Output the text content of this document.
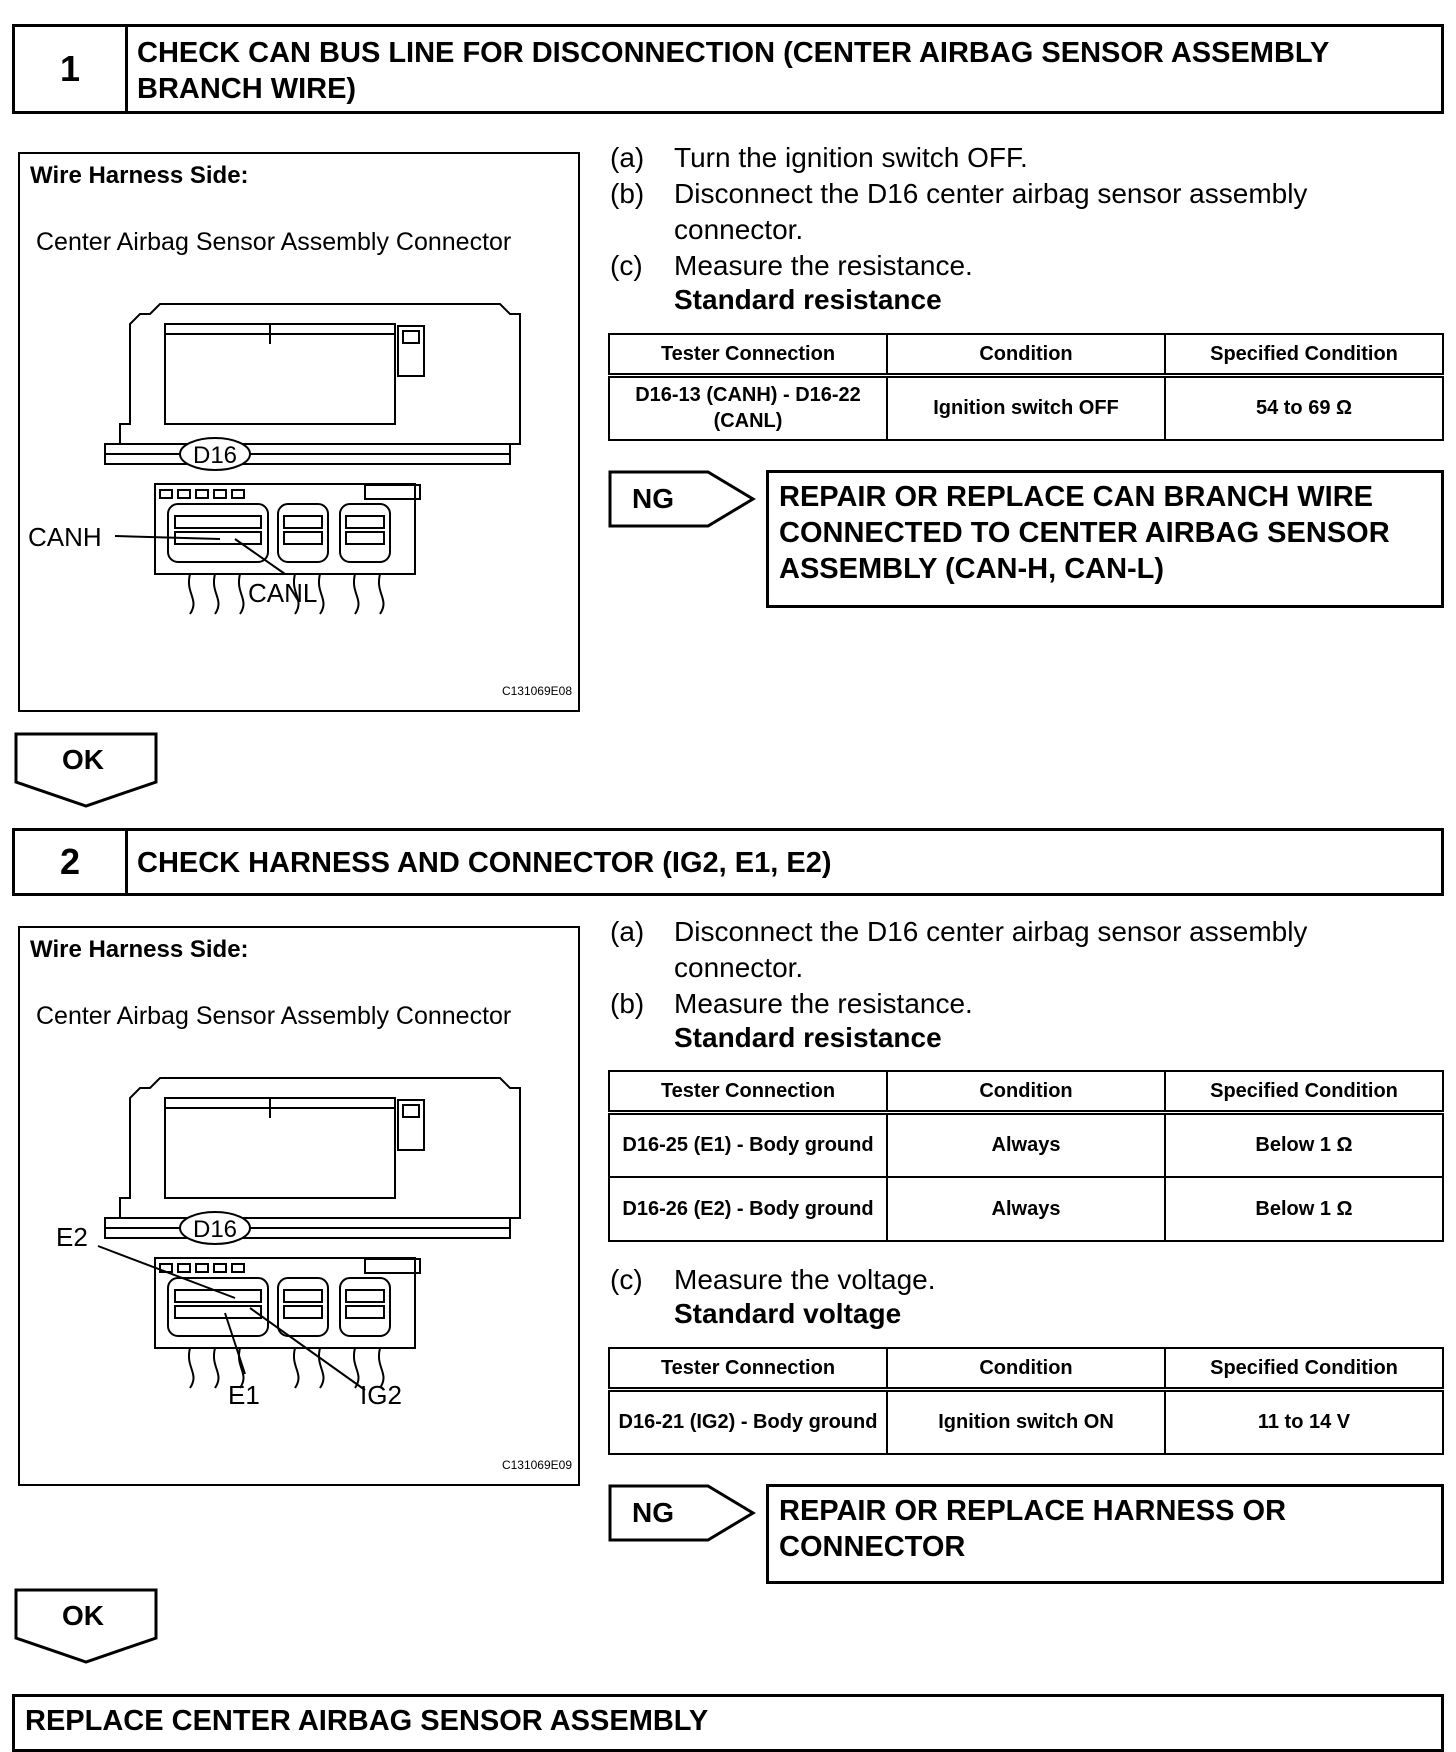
1	CHECK CAN BUS LINE FOR DISCONNECTION (CENTER AIRBAG SENSOR ASSEMBLY BRANCH WIRE)
Wire Harness Side:
Center Airbag Sensor Assembly Connector
D16
CANH
CANL
C131069E08
(a) Turn the ignition switch OFF.
(b) Disconnect the D16 center airbag sensor assembly connector.
(c) Measure the resistance.
Standard resistance
Tester Connection	Condition	Specified Condition
D16-13 (CANH) - D16-22 (CANL)	Ignition switch OFF	54 to 69 Ω
NG	REPAIR OR REPLACE CAN BRANCH WIRE CONNECTED TO CENTER AIRBAG SENSOR ASSEMBLY (CAN-H, CAN-L)
OK
2	CHECK HARNESS AND CONNECTOR (IG2, E1, E2)
Wire Harness Side:
Center Airbag Sensor Assembly Connector
D16
E2
E1	IG2
C131069E09
(a) Disconnect the D16 center airbag sensor assembly connector.
(b) Measure the resistance.
Standard resistance
Tester Connection	Condition	Specified Condition
D16-25 (E1) - Body ground	Always	Below 1 Ω
D16-26 (E2) - Body ground	Always	Below 1 Ω
(c) Measure the voltage.
Standard voltage
Tester Connection	Condition	Specified Condition
D16-21 (IG2) - Body ground	Ignition switch ON	11 to 14 V
NG	REPAIR OR REPLACE HARNESS OR CONNECTOR
OK
REPLACE CENTER AIRBAG SENSOR ASSEMBLY
